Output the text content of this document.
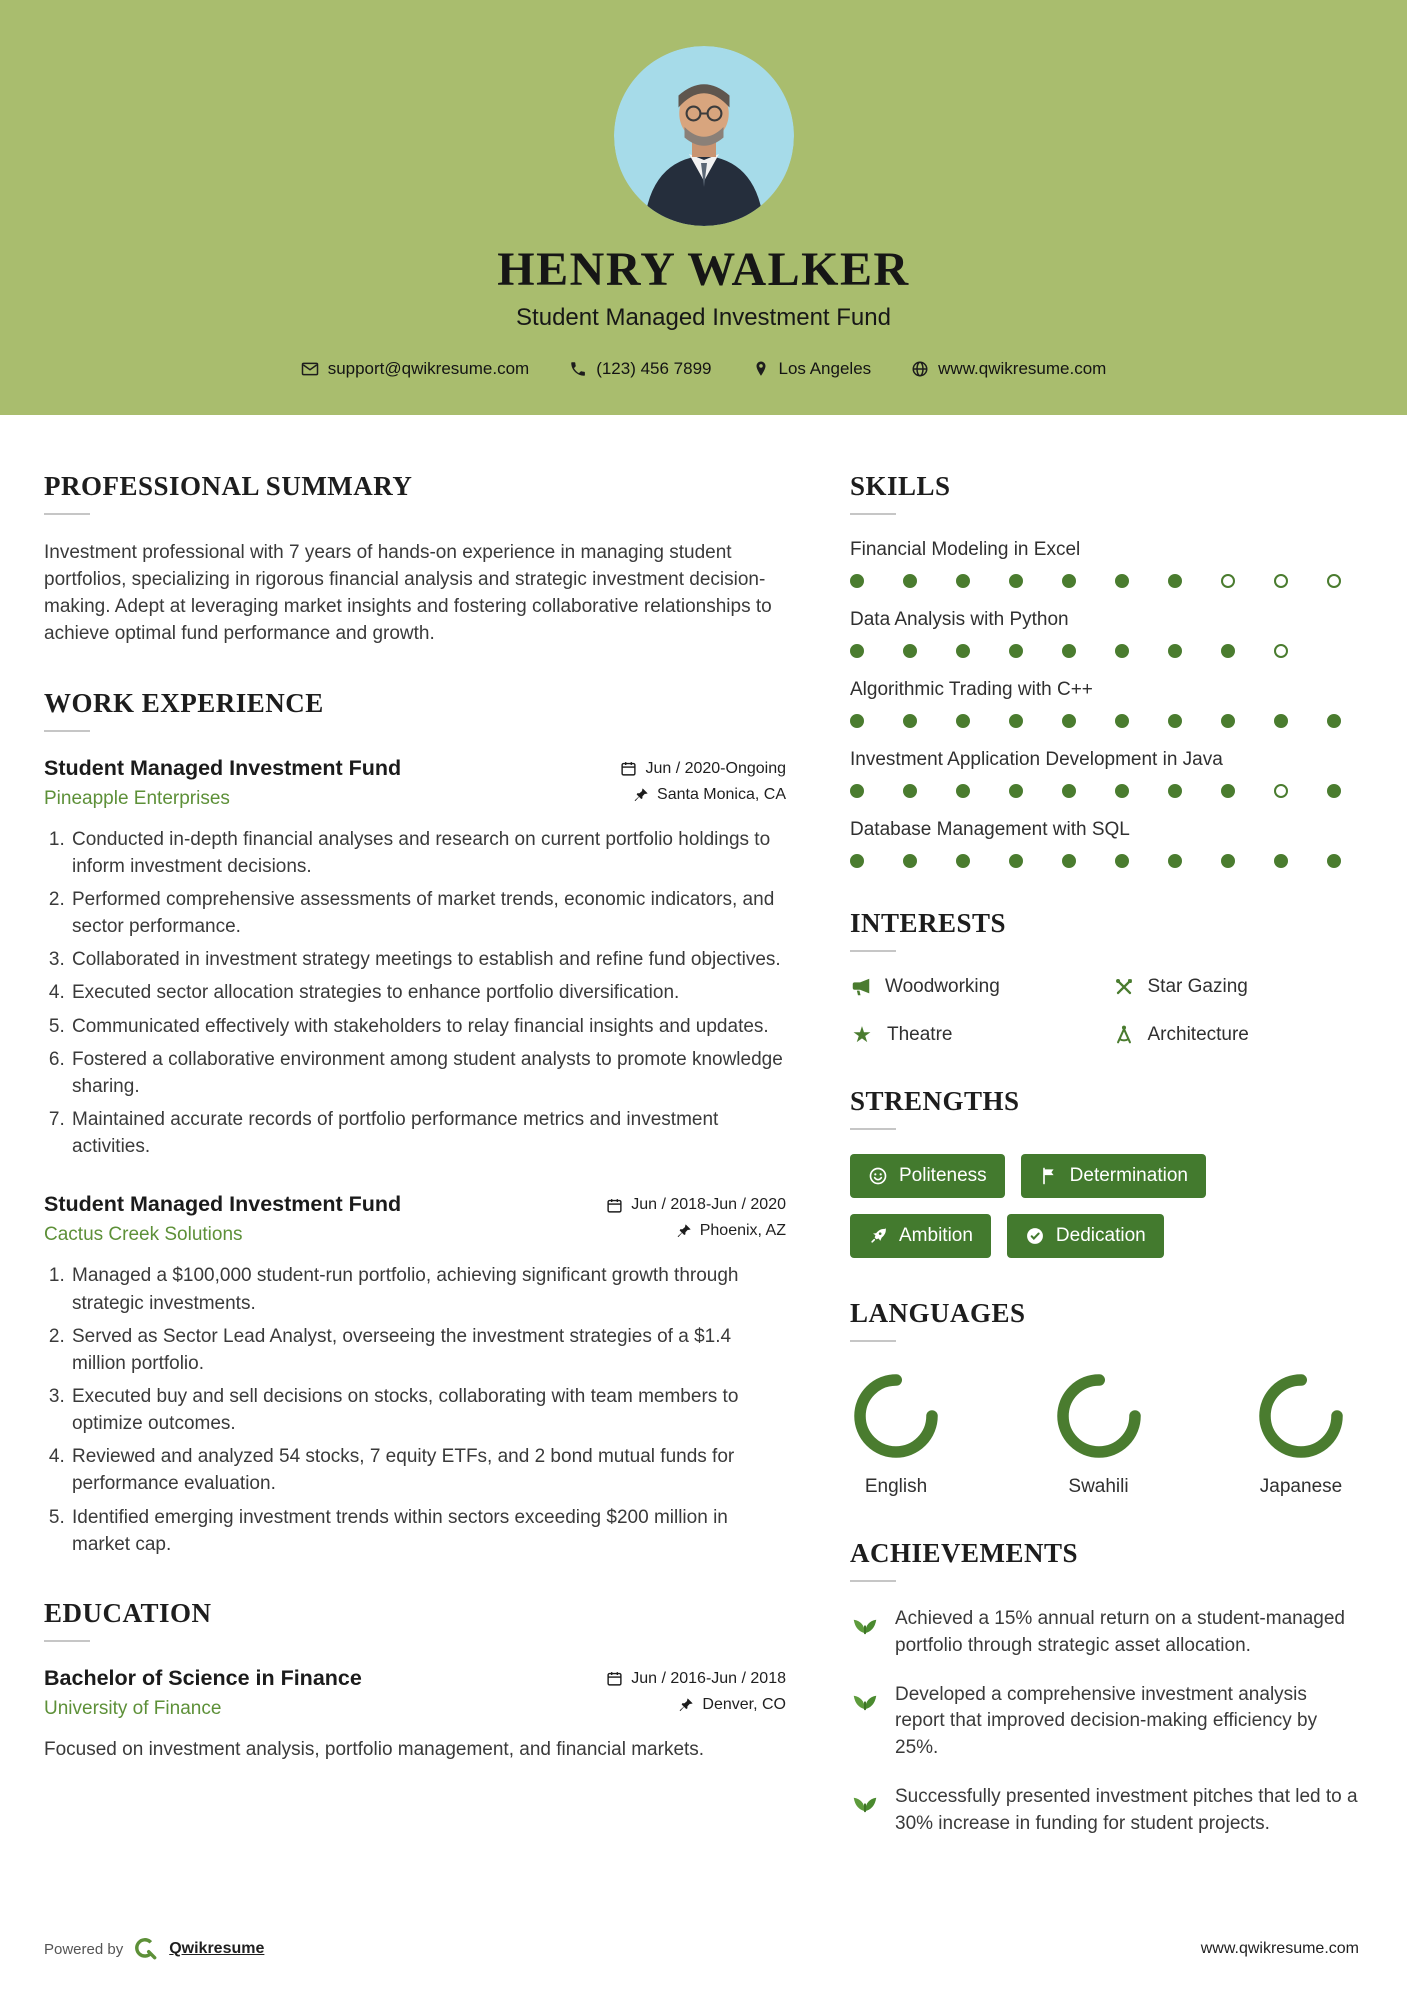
HENRY WALKER
Student Managed Investment Fund
support@qwikresume.com	(123) 456 7899	Los Angeles	www.qwikresume.com
PROFESSIONAL SUMMARY

Investment professional with 7 years of hands-on experience in managing student portfolios, specializing in rigorous financial analysis and strategic investment decision-making. Adept at leveraging market insights and fostering collaborative relationships to achieve optimal fund performance and growth.

WORK EXPERIENCE
Student Managed Investment Fund
Pineapple Enterprises
Jun / 2020-Ongoing
Santa Monica, CA
1. Conducted in-depth financial analyses and research on current portfolio holdings to inform investment decisions.
2. Performed comprehensive assessments of market trends, economic indicators, and sector performance.
3. Collaborated in investment strategy meetings to establish and refine fund objectives.
4. Executed sector allocation strategies to enhance portfolio diversification.
5. Communicated effectively with stakeholders to relay financial insights and updates.
6. Fostered a collaborative environment among student analysts to promote knowledge sharing.
7. Maintained accurate records of portfolio performance metrics and investment activities.
Student Managed Investment Fund
Cactus Creek Solutions
Jun / 2018-Jun / 2020
Phoenix, AZ
1. Managed a $100,000 student-run portfolio, achieving significant growth through strategic investments.
2. Served as Sector Lead Analyst, overseeing the investment strategies of a $1.4 million portfolio.
3. Executed buy and sell decisions on stocks, collaborating with team members to optimize outcomes.
4. Reviewed and analyzed 54 stocks, 7 equity ETFs, and 2 bond mutual funds for performance evaluation.
5. Identified emerging investment trends within sectors exceeding $200 million in market cap.
EDUCATION
Bachelor of Science in Finance
University of Finance
Jun / 2016-Jun / 2018
Denver, CO

Focused on investment analysis, portfolio management, and financial markets.

SKILLS
Financial Modeling in Excel
Data Analysis with Python
Algorithmic Trading with C++
Investment Application Development in Java
Database Management with SQL
INTERESTS
Woodworking	Star Gazing
★ Theatre	Architecture
STRENGTHS
Politeness	Determination
Ambition	Dedication
LANGUAGES
English	Swahili	Japanese
ACHIEVEMENTS
Achieved a 15% annual return on a student-managed portfolio through strategic asset allocation.
Developed a comprehensive investment analysis report that improved decision-making efficiency by 25%.
Successfully presented investment pitches that led to a 30% increase in funding for student projects.
Powered by	Qwikresume	www.qwikresume.com
